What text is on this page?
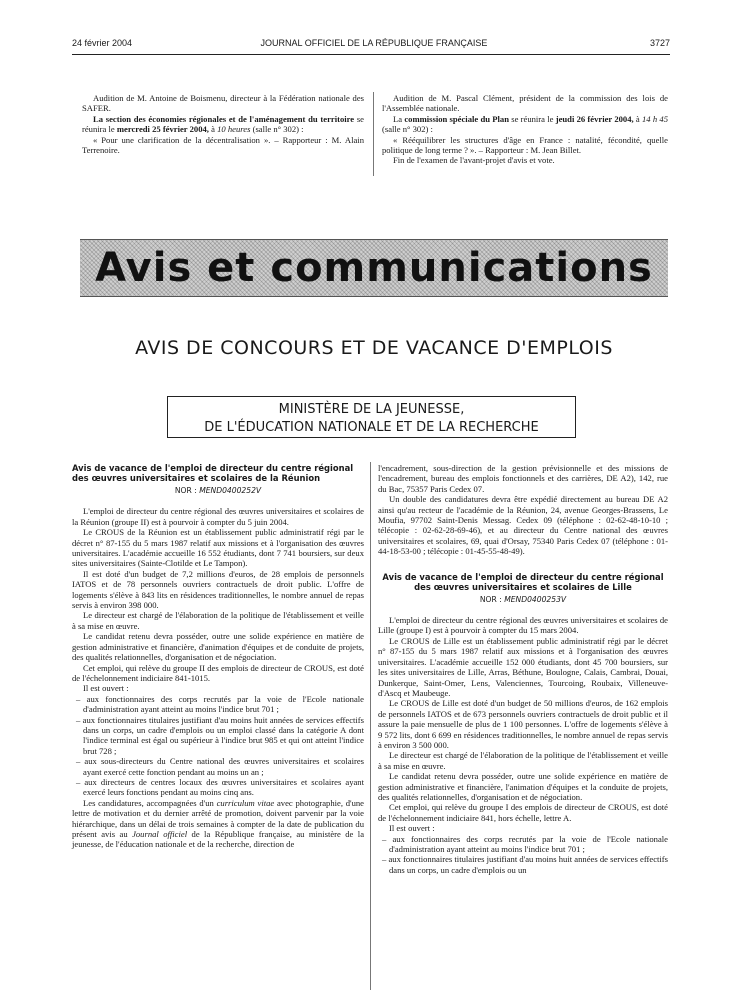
24 février 2004	JOURNAL OFFICIEL DE LA RÉPUBLIQUE FRANÇAISE	3727

Audition de M. Antoine de Boismenu, directeur à la Fédération nationale des SAFER.

La section des économies régionales et de l'aménagement du territoire se réunira le mercredi 25 février 2004, à 10 heures (salle n° 302) :

« Pour une clarification de la décentralisation ». – Rapporteur : M. Alain Terrenoire.

Audition de M. Pascal Clément, président de la commission des lois de l'Assemblée nationale.

La commission spéciale du Plan se réunira le jeudi 26 février 2004, à 14 h 45 (salle n° 302) :

« Rééquilibrer les structures d'âge en France : natalité, fécondité, quelle politique de long terme ? ». – Rapporteur : M. Jean Billet.

Fin de l'examen de l'avant-projet d'avis et vote.

Avis et communications
AVIS DE CONCOURS ET DE VACANCE D'EMPLOIS
MINISTÈRE DE LA JEUNESSE,
DE L'ÉDUCATION NATIONALE ET DE LA RECHERCHE
Avis de vacance de l'emploi de directeur du centre régional des œuvres universitaires et scolaires de la Réunion
NOR : MEND0400252V

L'emploi de directeur du centre régional des œuvres universitaires et scolaires de la Réunion (groupe II) est à pourvoir à compter du 5 juin 2004.

Le CROUS de la Réunion est un établissement public administratif régi par le décret n° 87-155 du 5 mars 1987 relatif aux missions et à l'organisation des œuvres universitaires. L'académie accueille 16 552 étudiants, dont 7 741 boursiers, sur deux sites universitaires (Sainte-Clotilde et Le Tampon).

Il est doté d'un budget de 7,2 millions d'euros, de 28 emplois de personnels IATOS et de 78 personnels ouvriers contractuels de droit public. L'offre de logements s'élève à 843 lits en résidences traditionnelles, le nombre annuel de repas servis à environ 398 000.

Le directeur est chargé de l'élaboration de la politique de l'établissement et veille à sa mise en œuvre.

Le candidat retenu devra posséder, outre une solide expérience en matière de gestion administrative et financière, d'animation d'équipes et de conduite de projets, des qualités relationnelles, d'organisation et de négociation.

Cet emploi, qui relève du groupe II des emplois de directeur de CROUS, est doté de l'échelonnement indiciaire 841-1015.

Il est ouvert :

– aux fonctionnaires des corps recrutés par la voie de l'Ecole nationale d'administration ayant atteint au moins l'indice brut 701 ;
– aux fonctionnaires titulaires justifiant d'au moins huit années de services effectifs dans un corps, un cadre d'emplois ou un emploi classé dans la catégorie A dont l'indice terminal est égal ou supérieur à l'indice brut 985 et qui ont atteint l'indice brut 728 ;
– aux sous-directeurs du Centre national des œuvres universitaires et scolaires ayant exercé cette fonction pendant au moins un an ;
– aux directeurs de centres locaux des œuvres universitaires et scolaires ayant exercé leurs fonctions pendant au moins cinq ans.

Les candidatures, accompagnées d'un curriculum vitae avec photographie, d'une lettre de motivation et du dernier arrêté de promotion, doivent parvenir par la voie hiérarchique, dans un délai de trois semaines à compter de la date de publication du présent avis au Journal officiel de la République française, au ministère de la jeunesse, de l'éducation nationale et de la recherche, direction de

l'encadrement, sous-direction de la gestion prévisionnelle et des missions de l'encadrement, bureau des emplois fonctionnels et des carrières, DE A2), 142, rue du Bac, 75357 Paris Cedex 07.

Un double des candidatures devra être expédié directement au bureau DE A2 ainsi qu'au recteur de l'académie de la Réunion, 24, avenue Georges-Brassens, Le Moufia, 97702 Saint-Denis Messag. Cedex 09 (téléphone : 02-62-48-10-10 ; télécopie : 02-62-28-69-46), et au directeur du Centre national des œuvres universitaires et scolaires, 69, quai d'Orsay, 75340 Paris Cedex 07 (téléphone : 01-44-18-53-00 ; télécopie : 01-45-55-48-49).

Avis de vacance de l'emploi de directeur du centre régional des œuvres universitaires et scolaires de Lille
NOR : MEND0400253V

L'emploi de directeur du centre régional des œuvres universitaires et scolaires de Lille (groupe I) est à pourvoir à compter du 15 mars 2004.

Le CROUS de Lille est un établissement public administratif régi par le décret n° 87-155 du 5 mars 1987 relatif aux missions et à l'organisation des œuvres universitaires. L'académie accueille 152 000 étudiants, dont 45 700 boursiers, sur les sites universitaires de Lille, Arras, Béthune, Boulogne, Calais, Cambrai, Douai, Dunkerque, Saint-Omer, Lens, Valenciennes, Tourcoing, Roubaix, Villeneuve-d'Ascq et Maubeuge.

Le CROUS de Lille est doté d'un budget de 50 millions d'euros, de 162 emplois de personnels IATOS et de 673 personnels ouvriers contractuels de droit public et il assure la paie mensuelle de plus de 1 100 personnes. L'offre de logements s'élève à 9 572 lits, dont 6 699 en résidences traditionnelles, le nombre annuel de repas servis à environ 3 500 000.

Le directeur est chargé de l'élaboration de la politique de l'établissement et veille à sa mise en œuvre.

Le candidat retenu devra posséder, outre une solide expérience en matière de gestion administrative et financière, l'animation d'équipes et la conduite de projets, des qualités relationnelles, d'organisation et de négociation.

Cet emploi, qui relève du groupe I des emplois de directeur de CROUS, est doté de l'échelonnement indiciaire 841, hors échelle, lettre A.

Il est ouvert :

– aux fonctionnaires des corps recrutés par la voie de l'Ecole nationale d'administration ayant atteint au moins l'indice brut 701 ;
– aux fonctionnaires titulaires justifiant d'au moins huit années de services effectifs dans un corps, un cadre d'emplois ou un
